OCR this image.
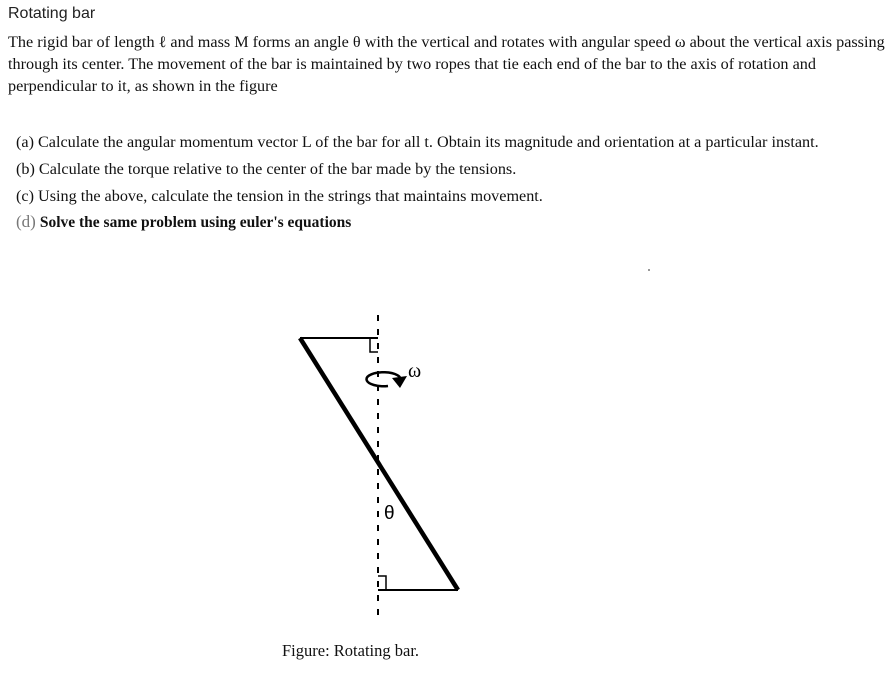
Rotating bar
The rigid bar of length ℓ and mass M forms an angle θ with the vertical and rotates with angular speed ω about the vertical axis passing through its center. The movement of the bar is maintained by two ropes that tie each end of the bar to the axis of rotation and perpendicular to it, as shown in the figure
(a) Calculate the angular momentum vector L of the bar for all t. Obtain its magnitude and orientation at a particular instant.
(b) Calculate the torque relative to the center of the bar made by the tensions.
(c) Using the above, calculate the tension in the strings that maintains movement.
(d) Solve the same problem using euler's equations
ω
θ
Figure: Rotating bar.
